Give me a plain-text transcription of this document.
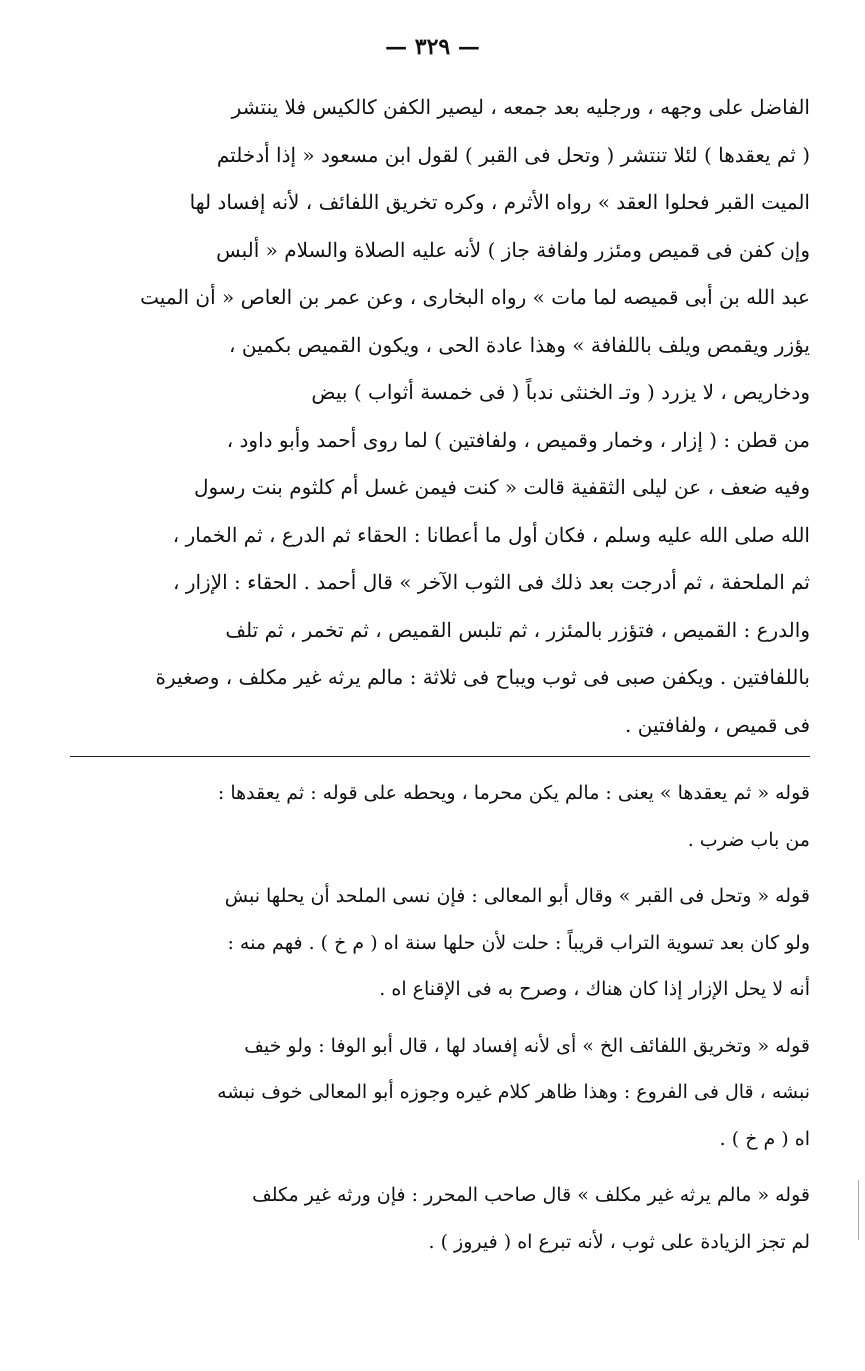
— ٣٢٩ —
الفاضل على وجهه ، ورجليه بعد جمعه ، ليصير الكفن كالكيس فلا ينتشر
( ثم يعقدها ) لئلا تنتشر ( وتحل فى القبر ) لقول ابن مسعود « إذا أدخلتم
الميت القبر فحلوا العقد » رواه الأثرم ، وكره تخريق اللفائف ، لأنه إفساد لها
وإن كفن فى قميص ومئزر ولفافة جاز ) لأنه عليه الصلاة والسلام « ألبس
عبد الله بن أبى قميصه لما مات » رواه البخارى ، وعن عمر بن العاص « أن الميت
يؤزر ويقمص ويلف باللفافة » وهذا عادة الحى ، ويكون القميص بكمين ،
ودخاريص ، لا يزرد ( وتـ الخنثى ندباً ( فى خمسة أثواب ) بيض
من قطن : ( إزار ، وخمار وقميص ، ولفافتين ) لما روى أحمد وأبو داود ،
وفيه ضعف ، عن ليلى الثقفية قالت « كنت فيمن غسل أم كلثوم بنت رسول
الله صلى الله عليه وسلم ، فكان أول ما أعطانا : الحقاء ثم الدرع ، ثم الخمار ،
ثم الملحفة ، ثم أدرجت بعد ذلك فى الثوب الآخر » قال أحمد . الحقاء : الإزار ،
والدرع : القميص ، فتؤزر بالمئزر ، ثم تلبس القميص ، ثم تخمر ، ثم تلف
باللفافتين . ويكفن صبى فى ثوب ويباح فى ثلاثة : مالم يرثه غير مكلف ، وصغيرة
فى قميص ، ولفافتين .
قوله « ثم يعقدها » يعنى : مالم يكن محرما ، ويحطه على قوله : ثم يعقدها :
من باب ضرب .
قوله « وتحل فى القبر » وقال أبو المعالى : فإن نسى الملحد أن يحلها نبش
ولو كان بعد تسوية التراب قريباً : حلت لأن حلها سنة اه ( م خ ) . فهم منه :
أنه لا يحل الإزار إذا كان هناك ، وصرح به فى الإقناع اه .
قوله « وتخريق اللفائف الخ » أى لأنه إفساد لها ، قال أبو الوفا : ولو خيف
نبشه ، قال فى الفروع : وهذا ظاهر كلام غيره وجوزه أبو المعالى خوف نبشه
اه ( م خ ) .
قوله « مالم يرثه غير مكلف » قال صاحب المحرر : فإن ورثه غير مكلف
لم تجز الزيادة على ثوب ، لأنه تبرع اه ( فيروز ) .
